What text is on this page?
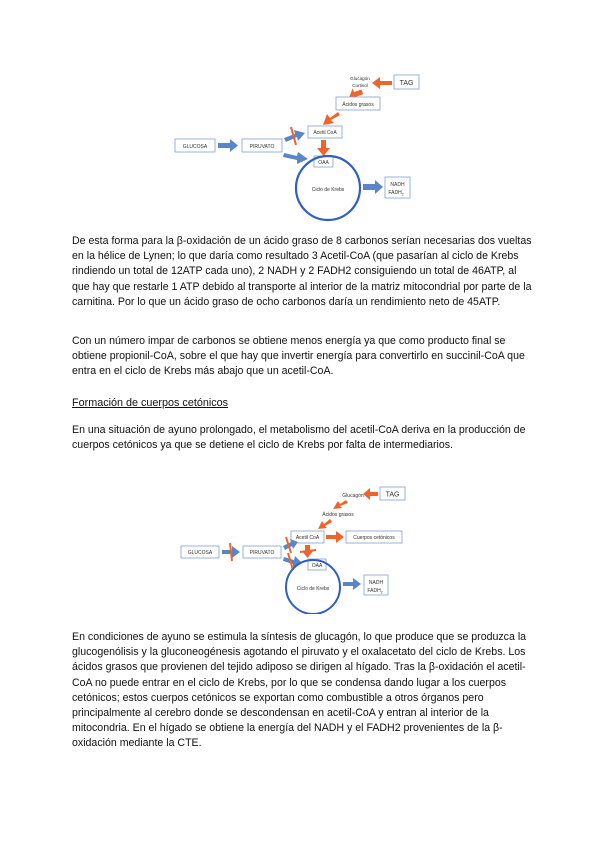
Glucagón
Cortisol	TAG
Ácidos grasos
Acetil CoA
GLUCOSA	PIRUVATO
OAA
Ciclo de Krebs
NADH
$FADH_2$

De esta forma para la β-oxidación de un ácido graso de 8 carbonos serían necesarias dos vueltas en la hélice de Lynen; lo que daría como resultado 3 Acetil-CoA (que pasarían al ciclo de Krebs rindiendo un total de 12ATP cada uno), 2 NADH y 2 FADH2 consiguiendo un total de 46ATP, al que hay que restarle 1 ATP debido al transporte al interior de la matriz mitocondrial por parte de la carnitina. Por lo que un ácido graso de ocho carbonos daría un rendimiento neto de 45ATP.

Con un número impar de carbonos se obtiene menos energía ya que como producto final se obtiene propionil-CoA, sobre el que hay que invertir energía para convertirlo en succinil-CoA que entra en el ciclo de Krebs más abajo que un acetil-CoA.

Formación de cuerpos cetónicos

En una situación de ayuno prolongado, el metabolismo del acetil-CoA deriva en la producción de cuerpos cetónicos ya que se detiene el ciclo de Krebs por falta de intermediarios.

Glucagón	TAG
Ácidos grasos
Acetil CoA	Cuerpos cetónicos
GLUCOSA	PIRUVATO
OAA
Ciclo de Krebs
NADH
$FADH_2$

En condiciones de ayuno se estimula la síntesis de glucagón, lo que produce que se produzca la glucogenólisis y la gluconeogénesis agotando el piruvato y el oxalacetato del ciclo de Krebs. Los ácidos grasos que provienen del tejido adiposo se dirigen al hígado. Tras la β-oxidación el acetil-CoA no puede entrar en el ciclo de Krebs, por lo que se condensa dando lugar a los cuerpos cetónicos; estos cuerpos cetónicos se exportan como combustible a otros órganos pero principalmente al cerebro donde se descondensan en acetil-CoA y entran al interior de la mitocondria. En el hígado se obtiene la energía del NADH y el FADH2 provenientes de la β-oxidación mediante la CTE.
